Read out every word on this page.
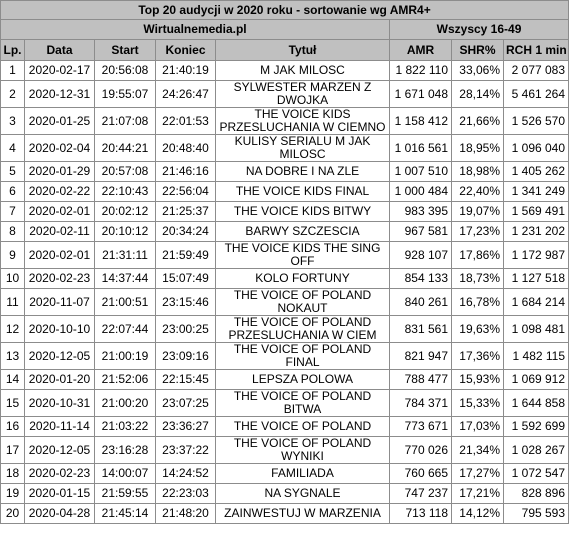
Top 20 audycji w 2020 roku - sortowanie wg AMR4+							
Wirtualnemedia.pl					Wszyscy 16-49		
Lp.	Data	Start	Koniec	Tytuł	AMR	SHR%	RCH 1 min
1	2020-02-17	20:56:08	21:40:19	M JAK MILOSC	1 822 110	33,06%	2 077 083
2	2020-12-31	19:55:07	24:26:47	SYLWESTER MARZEN Z DWOJKA	1 671 048	28,14%	5 461 264
3	2020-01-25	21:07:08	22:01:53	THE VOICE KIDS PRZESLUCHANIA W CIEMNO	1 158 412	21,66%	1 526 570
4	2020-02-04	20:44:21	20:48:40	KULISY SERIALU M JAK MILOSC	1 016 561	18,95%	1 096 040
5	2020-01-29	20:57:08	21:46:16	NA DOBRE I NA ZLE	1 007 510	18,98%	1 405 262
6	2020-02-22	22:10:43	22:56:04	THE VOICE KIDS FINAL	1 000 484	22,40%	1 341 249
7	2020-02-01	20:02:12	21:25:37	THE VOICE KIDS BITWY	983 395	19,07%	1 569 491
8	2020-02-11	20:10:12	20:34:24	BARWY SZCZESCIA	967 581	17,23%	1 231 202
9	2020-02-01	21:31:11	21:59:49	THE VOICE KIDS THE SING OFF	928 107	17,86%	1 172 987
10	2020-02-23	14:37:44	15:07:49	KOLO FORTUNY	854 133	18,73%	1 127 518
11	2020-11-07	21:00:51	23:15:46	THE VOICE OF POLAND NOKAUT	840 261	16,78%	1 684 214
12	2020-10-10	22:07:44	23:00:25	THE VOICE OF POLAND PRZESLUCHANIA W CIEM	831 561	19,63%	1 098 481
13	2020-12-05	21:00:19	23:09:16	THE VOICE OF POLAND FINAL	821 947	17,36%	1 482 115
14	2020-01-20	21:52:06	22:15:45	LEPSZA POLOWA	788 477	15,93%	1 069 912
15	2020-10-31	21:00:20	23:07:25	THE VOICE OF POLAND BITWA	784 371	15,33%	1 644 858
16	2020-11-14	21:03:22	23:36:27	THE VOICE OF POLAND	773 671	17,03%	1 592 699
17	2020-12-05	23:16:28	23:37:22	THE VOICE OF POLAND WYNIKI	770 026	21,34%	1 028 267
18	2020-02-23	14:00:07	14:24:52	FAMILIADA	760 665	17,27%	1 072 547
19	2020-01-15	21:59:55	22:23:03	NA SYGNALE	747 237	17,21%	828 896
20	2020-04-28	21:45:14	21:48:20	ZAINWESTUJ W MARZENIA	713 118	14,12%	795 593
